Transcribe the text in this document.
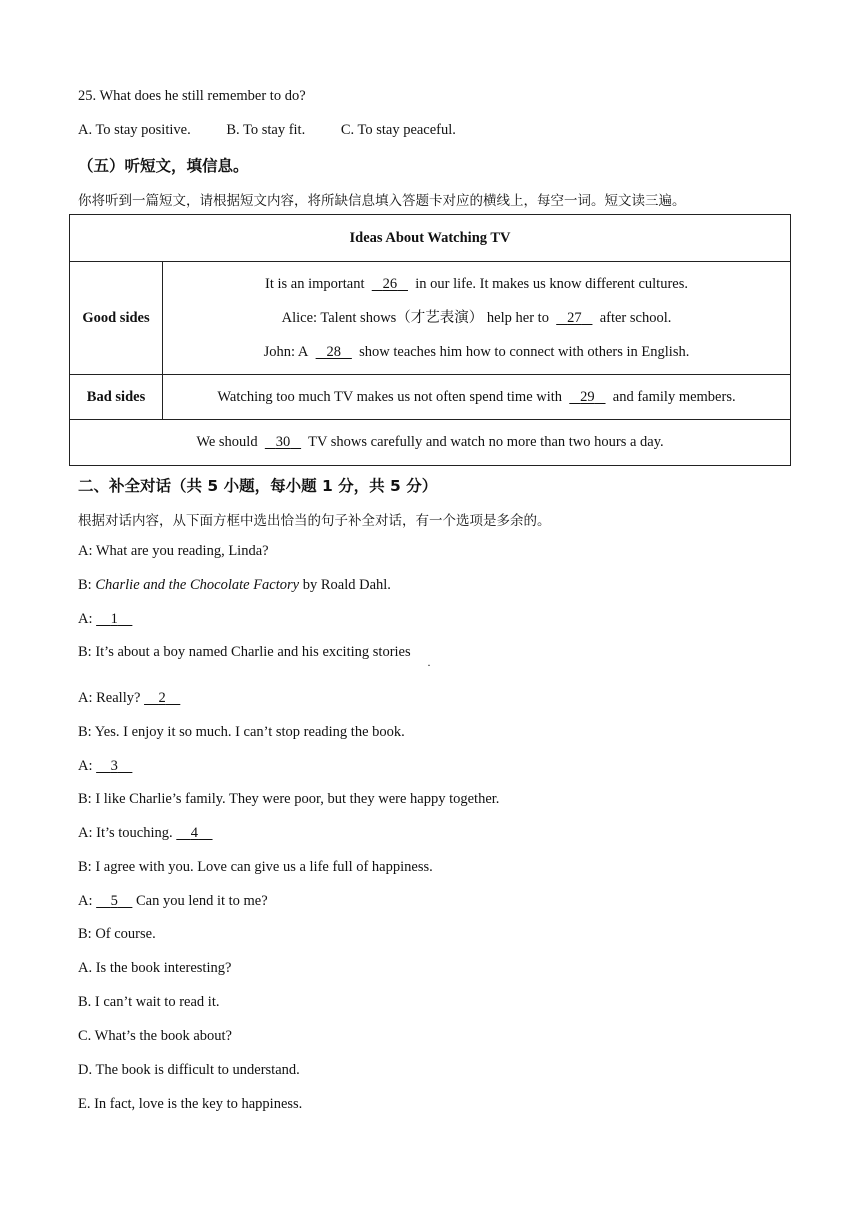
25. What does he still remember to do?
A. To stay positive. B. To stay fit. C. To stay peaceful.
（五）听短文，填信息。
你将听到一篇短文，请根据短文内容，将所缺信息填入答题卡对应的横线上，每空一词。短文读三遍。
Ideas About Watching TV	
Good sides	It is an important 26 in our life. It makes us know different cultures.

Alice: Talent shows（才艺表演） help her to 27 after school.

John: A 28 show teaches him how to connect with others in English.

Bad sides	Watching too much TV makes us not often spend time with 29 and family members.
We should 30 TV shows carefully and watch no more than two hours a day.	
二、补全对话（共 5 小题，每小题 1 分，共 5 分）
根据对话内容，从下面方框中选出恰当的句子补全对话，有一个选项是多余的。
A: What are you reading, Linda?
B: Charlie and the Chocolate Factory by Roald Dahl.
A:     1
B: It’s about a boy named Charlie and his exciting stories
·
A: Really?     2
B: Yes. I enjoy it so much. I can’t stop reading the book.
A:     3
B: I like Charlie’s family. They were poor, but they were happy together.
A: It’s touching.     4
B: I agree with you. Love can give us a life full of happiness.
A:     5     Can you lend it to me?
B: Of course.
A. Is the book interesting?
B. I can’t wait to read it.
C. What’s the book about?
D. The book is difficult to understand.
E. In fact, love is the key to happiness.
